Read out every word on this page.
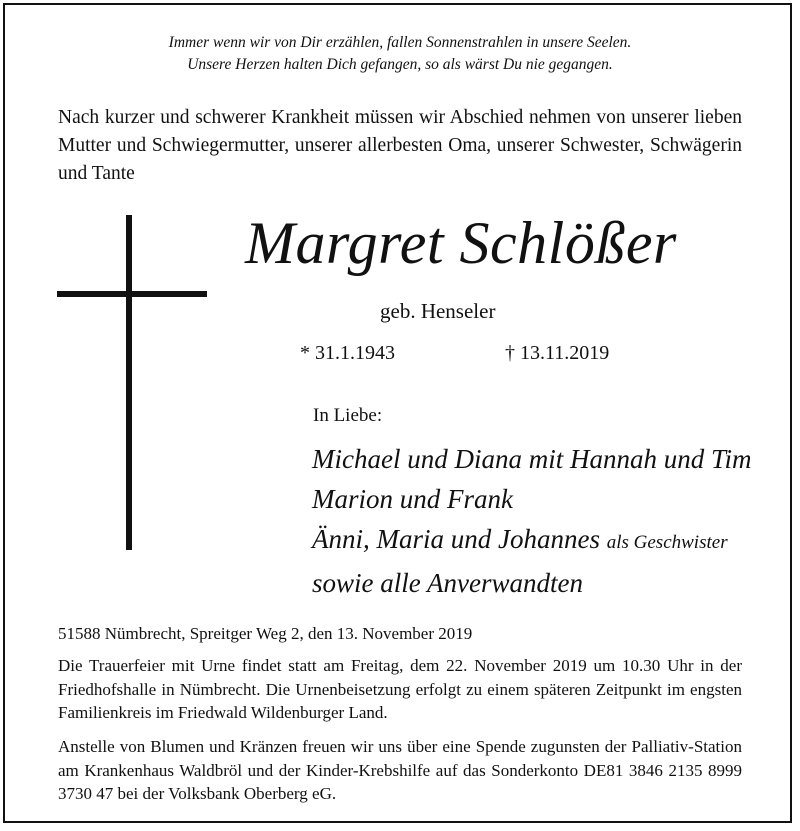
Immer wenn wir von Dir erzählen, fallen Sonnenstrahlen in unsere Seelen.
Unsere Herzen halten Dich gefangen, so als wärst Du nie gegangen.
Nach kurzer und schwerer Krankheit müssen wir Abschied nehmen von unserer lieben Mutter und Schwiegermutter, unserer allerbesten Oma, unserer Schwester, Schwägerin und Tante
Margret Schlößer
geb. Henseler
* 31.1.1943	† 13.11.2019
In Liebe:
Michael und Diana mit Hannah und Tim
Marion und Frank
Änni, Maria und Johannes als Geschwister
sowie alle Anverwandten
51588 Nümbrecht, Spreitger Weg 2, den 13. November 2019
Die Trauerfeier mit Urne findet statt am Freitag, dem 22. November 2019 um 10.30 Uhr in der Friedhofshalle in Nümbrecht. Die Urnenbeisetzung erfolgt zu einem späteren Zeitpunkt im engsten Familienkreis im Friedwald Wildenburger Land.
Anstelle von Blumen und Kränzen freuen wir uns über eine Spende zugunsten der Palliativ-Station am Krankenhaus Waldbröl und der Kinder-Krebshilfe auf das Sonderkonto DE81 3846 2135 8999 3730 47 bei der Volksbank Oberberg eG.
